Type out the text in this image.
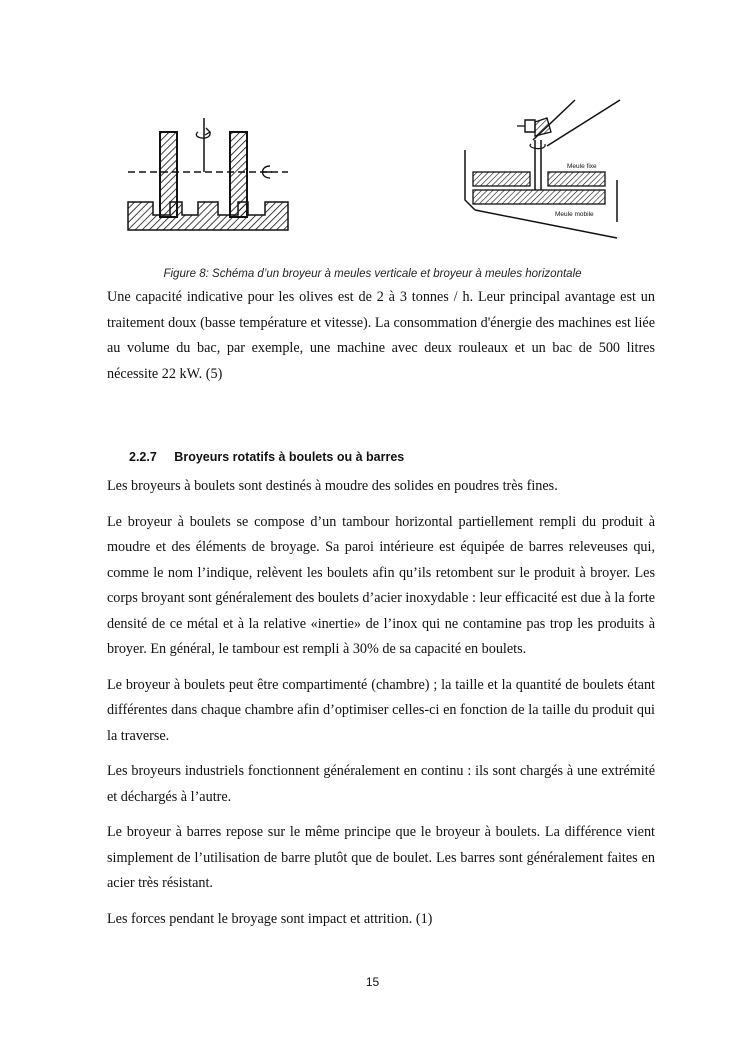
Meule fixe
Meule mobile
Figure 8: Schéma d’un broyeur à meules verticale et broyeur à meules horizontale

Une capacité indicative pour les olives est de 2 à 3 tonnes / h. Leur principal avantage est un traitement doux (basse température et vitesse). La consommation d'énergie des machines est liée au volume du bac, par exemple, une machine avec deux rouleaux et un bac de 500 litres nécessite 22 kW. (5)

2.2.7 Broyeurs rotatifs à boulets ou à barres

Les broyeurs à boulets sont destinés à moudre des solides en poudres très fines.

Le broyeur à boulets se compose d’un tambour horizontal partiellement rempli du produit à moudre et des éléments de broyage. Sa paroi intérieure est équipée de barres releveuses qui, comme le nom l’indique, relèvent les boulets afin qu’ils retombent sur le produit à broyer. Les corps broyant sont généralement des boulets d’acier inoxydable : leur efficacité est due à la forte densité de ce métal et à la relative «inertie» de l’inox qui ne contamine pas trop les produits à broyer. En général, le tambour est rempli à 30% de sa capacité en boulets.

Le broyeur à boulets peut être compartimenté (chambre) ; la taille et la quantité de boulets étant différentes dans chaque chambre afin d’optimiser celles-ci en fonction de la taille du produit qui la traverse.

Les broyeurs industriels fonctionnent généralement en continu : ils sont chargés à une extrémité et déchargés à l’autre.

Le broyeur à barres repose sur le même principe que le broyeur à boulets. La différence vient simplement de l’utilisation de barre plutôt que de boulet. Les barres sont généralement faites en acier très résistant.

Les forces pendant le broyage sont impact et attrition. (1)

15
